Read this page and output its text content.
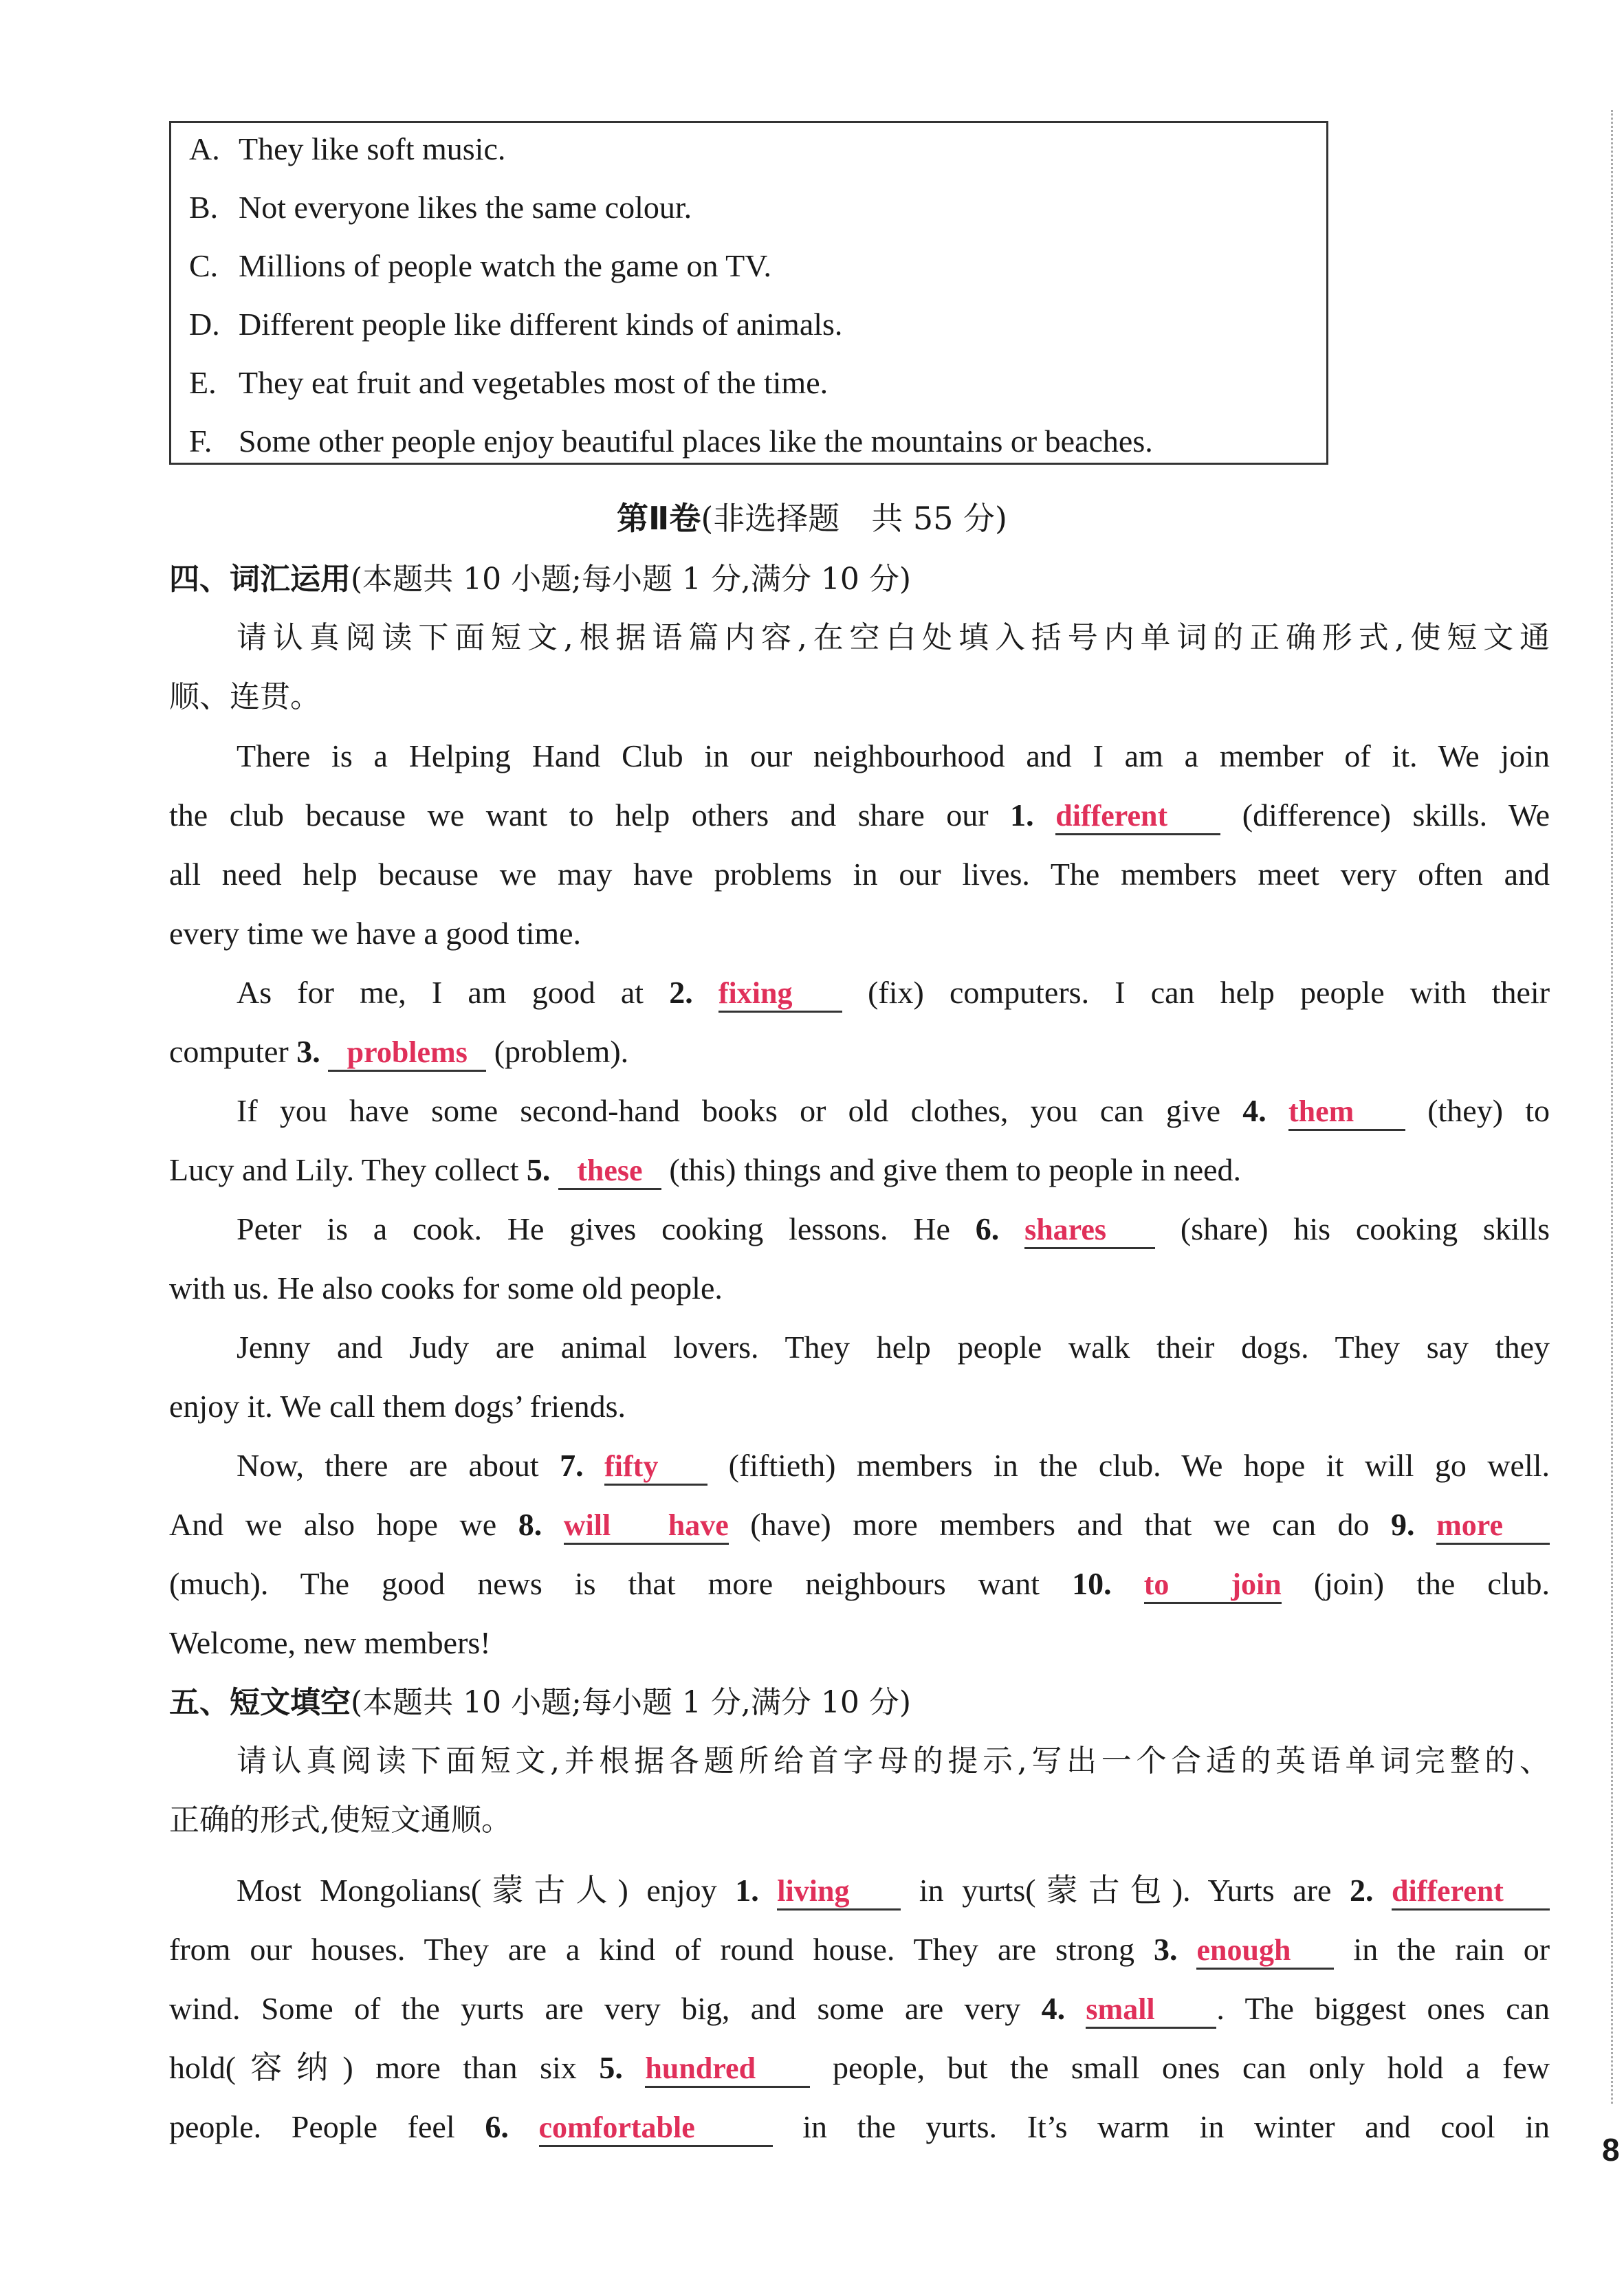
A. They like soft music.
B. Not everyone likes the same colour.
C. Millions of people watch the game on TV.
D. Different people like different kinds of animals.
E. They eat fruit and vegetables most of the time.
F. Some other people enjoy beautiful places like the mountains or beaches.
第Ⅱ卷(非选择题　共 55 分)
四、词汇运用(本题共 10 小题;每小题 1 分,满分 10 分)
请认真阅读下面短文,根据语篇内容,在空白处填入括号内单词的正确形式,使短文通
顺、连贯。
There is a Helping Hand Club in our neighbourhood and I am a member of it. We join
the club because we want to help others and share our 1. different (difference) skills. We
all need help because we may have problems in our lives. The members meet very often and
every time we have a good time.
As for me, I am good at 2. fixing (fix) computers. I can help people with their
computer 3. problems (problem).
If you have some second-hand books or old clothes, you can give 4. them (they) to
Lucy and Lily. They collect 5. these (this) things and give them to people in need.
Peter is a cook. He gives cooking lessons. He 6. shares (share) his cooking skills
with us. He also cooks for some old people.
Jenny and Judy are animal lovers. They help people walk their dogs. They say they
enjoy it. We call them dogs’ friends.
Now, there are about 7. fifty (fiftieth) members in the club. We hope it will go well.
And we also hope we 8. will have (have) more members and that we can do 9. more
(much). The good news is that more neighbours want 10. to join (join) the club.
Welcome, new members!
五、短文填空(本题共 10 小题;每小题 1 分,满分 10 分)
请认真阅读下面短文,并根据各题所给首字母的提示,写出一个合适的英语单词完整的、
正确的形式,使短文通顺。
Most Mongolians(蒙古人) enjoy 1. living in yurts(蒙古包). Yurts are 2. different
from our houses. They are a kind of round house. They are strong 3. enough in the rain or
wind. Some of the yurts are very big, and some are very 4. small . The biggest ones can
hold(容纳) more than six 5. hundred people, but the small ones can only hold a few
people. People feel 6. comfortable	in the yurts. It’s warm in winter and cool in
8
